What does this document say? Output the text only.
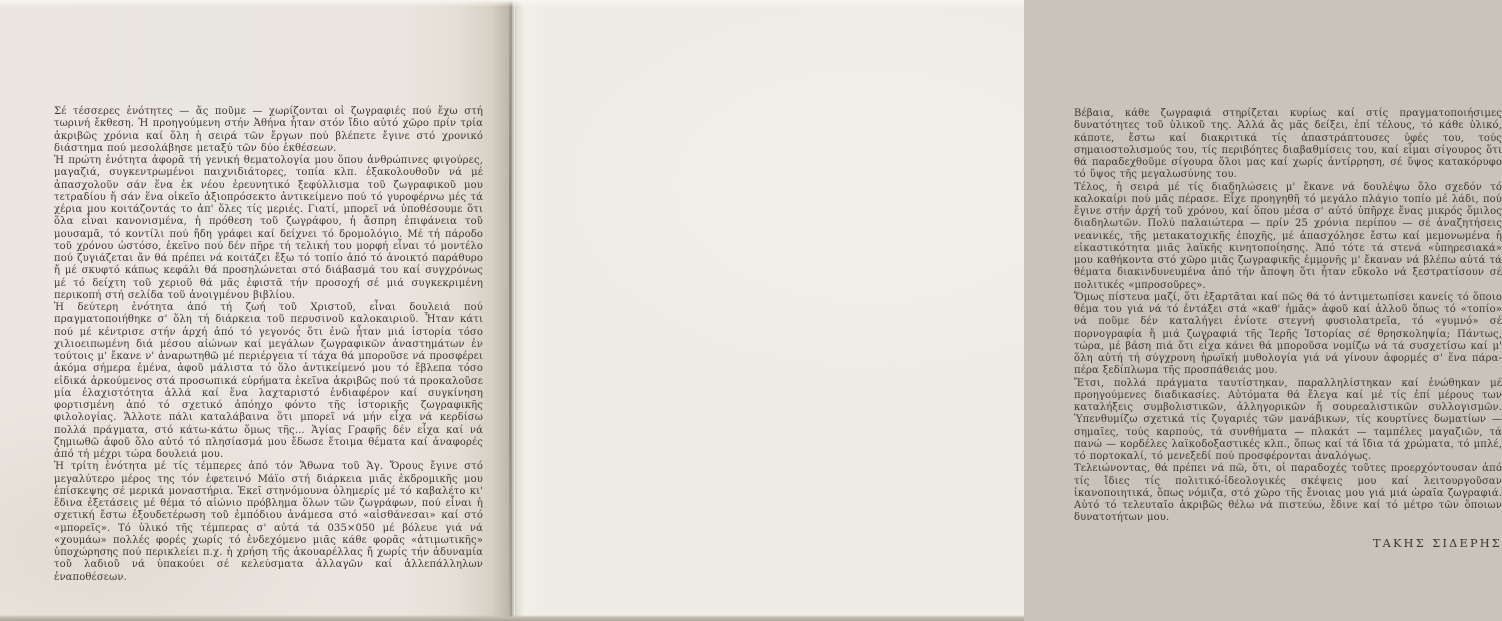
Σέ τέσσερες ἑνότητες — ἄς ποῦμε — χωρίζονται οἱ ζωγραφιές πού ἔχω στή τωρινή ἔκθεση. Ἡ προηγούμενη στήν Ἀθήνα ἦταν στόν ἴδιο αὐτό χῶρο πρίν τρία ἀκριβῶς χρόνια καί ὅλη ἡ σειρά τῶν ἔργων πού βλέπετε ἔγινε στό χρονικό διάστημα πού μεσολάβησε μεταξύ τῶν δύο ἐκθέσεων.

Ἡ πρώτη ἑνότητα ἀφορᾶ τή γενική θεματολογία μου ὅπου ἀνθρώπινες φιγούρες, μαγαζιά, συγκεντρωμένοι παιχνιδιάτορες, τοπία κλπ. ἐξακολουθοῦν νά μέ ἀπασχολοῦν σάν ἕνα ἐκ νέου ἐρευνητικό ξεφύλλισμα τοῦ ζωγραφικοῦ μου τετραδίου ἤ σάν ἕνα οἰκεῖο ἀξιοπρόσεκτο ἀντικείμενο πού τό γυροφέρνω μές τά χέρια μου κοιτάζοντάς το ἀπ' ὅλες τίς μεριές. Γιατί, μπορεῖ νά ὑποθέσουμε ὅτι ὅλα εἶναι κανονισμένα, ἡ πρόθεση τοῦ ζωγράφου, ἡ ἄσπρη ἐπιφάνεια τοῦ μουσαμᾶ, τό κοντίλι πού ἤδη γράφει καί δείχνει τό δρομολόγιο. Μέ τή πάροδο τοῦ χρόνου ὡστόσο, ἐκεῖνο πού δέν πῆρε τή τελική του μορφή εἶναι τό μοντέλο πού ζυγιάζεται ἄν θά πρέπει νά κοιτάζει ἔξω τό τοπίο ἀπό τό ἀνοικτό παράθυρο ἤ μέ σκυφτό κάπως κεφάλι θά προσηλώνεται στό διάβασμά του καί συγχρόνως μέ τό δείχτη τοῦ χεριοῦ θά μᾶς ἐφιστᾶ τήν προσοχή σέ μιά συγκεκριμένη περικοπή στή σελίδα τοῦ ἀνοιγμένου βιβλίου.

Ἡ δεύτερη ἑνότητα ἀπό τή ζωή τοῦ Χριστοῦ, εἶναι δουλειά πού πραγματοποιήθηκε σ' ὅλη τή διάρκεια τοῦ περυσινοῦ καλοκαιριοῦ. Ἦταν κάτι πού μέ κέντρισε στήν ἀρχή ἀπό τό γεγονός ὅτι ἐνῶ ἦταν μιά ἱστορία τόσο χιλιοειπωμένη διά μέσου αἰώνων καί μεγάλων ζωγραφικῶν ἀναστημάτων ἐν τούτοις μ' ἔκανε ν' ἀναρωτηθῶ μέ περιέργεια τί τάχα θά μποροῦσε νά προσφέρει ἀκόμα σήμερα ἐμένα, ἀφοῦ μάλιστα τό ὅλο ἀντικείμενό μου τό ἔβλεπα τόσο εἰδικά ἀρκούμενος στά προσωπικά εὑρήματα ἐκεῖνα ἀκριβῶς πού τά προκαλοῦσε μία ἐλαχιστότητα ἀλλά καί ἕνα λαχταριστό ἐνδιαφέρον καί συγκίνηση φορτισμένη ἀπό τό σχετικό ἀπόηχο φόντο τῆς ἱστορικῆς ζωγραφικῆς φιλολογίας. Ἄλλοτε πάλι καταλάβαινα ὅτι μπορεῖ νά μήν εἶχα νά κερδίσω πολλά πράγματα, στό κάτω-κάτω ὅμως τῆς... Ἁγίας Γραφῆς δέν εἶχα καί νά ζημιωθῶ ἀφοῦ ὅλο αὐτό τό πλησίασμά μου ἔδωσε ἕτοιμα θέματα καί ἀναφορές ἀπό τή μέχρι τώρα δουλειά μου.

Ἡ τρίτη ἑνότητα μέ τίς τέμπερες ἀπό τόν Ἄθωνα τοῦ Ἁγ. Ὄρους ἔγινε στό μεγαλύτερο μέρος της τόν ἐφετεινό Μάϊο στή διάρκεια μιᾶς ἐκδρομικῆς μου ἐπίσκεψης σέ μερικά μοναστήρια. Ἐκεῖ στηνόμουνα ὁλημερίς μέ τό καβαλέτο κι' ἔδινα ἐξετάσεις μέ θέμα τό αἰώνιο πρόβλημα ὅλων τῶν ζωγράφων, πού εἶναι ἡ σχετική ἔστω ἐξουδετέρωση τοῦ ἐμπόδιου ἀνάμεσα στό «αἰσθάνεσαι» καί στό «μπορεῖς». Τό ὑλικό τῆς τέμπερας σ' αὐτά τά 035×050 μέ βόλευε γιά νά «χουμάω» πολλές φορές χωρίς τό ἐνδεχόμενο μιᾶς κάθε φορᾶς «ἀτιμωτικῆς» ὑποχώρησης πού περικλείει π.χ. ἡ χρήση τῆς ἀκουαρέλλας ἤ χωρίς τήν ἀδυναμία τοῦ λαδιοῦ νά ὑπακούει σέ κελεύσματα ἀλλαγῶν καί ἀλλεπάλληλων ἐναποθέσεων.

Βέβαια, κάθε ζωγραφιά στηρίζεται κυρίως καί στίς πραγματοποιήσιμες δυνατότητες τοῦ ὑλικοῦ της. Ἀλλά ἄς μᾶς δείξει, ἐπί τέλους, τό κάθε ὑλικό, κάποτε, ἔστω καί διακριτικά τίς ἀπαστράπτουσες ὑφές του, τούς σημαιοστολισμούς του, τίς περιβόητες διαβαθμίσεις του, καί εἶμαι σίγουρος ὅτι θά παραδεχθοῦμε σίγουρα ὅλοι μας καί χωρίς ἀντίρρηση, σέ ὕψος κατακόρυφο τό ὕψος τῆς μεγαλωσύνης του.

Τέλος, ἡ σειρά μέ τίς διαδηλώσεις μ' ἔκανε νά δουλέψω ὅλο σχεδόν τό καλοκαίρι πού μᾶς πέρασε. Εἶχε προηγηθῆ τό μεγάλο πλάγιο τοπίο μέ λάδι, πού ἔγινε στήν ἀρχή τοῦ χρόνου, καί ὅπου μέσα σ' αὐτό ὑπῆρχε ἕνας μικρός ὅμιλος διαδηλωτῶν. Πολύ παλαιώτερα — πρίν 25 χρόνια περίπου — σέ ἀναζητήσεις νεανικές, τῆς μετακατοχικῆς ἐποχῆς, μέ ἀπασχόλησε ἔστω καί μεμονωμένα ἡ εἰκαστικότητα μιᾶς λαϊκῆς κινητοποίησης. Ἀπό τότε τά στενά «ὑπηρεσιακά» μου καθήκοντα στό χῶρο μιᾶς ζωγραφικῆς ἐμμονῆς μ' ἔκαναν νά βλέπω αὐτά τά θέματα διακινδυνευμένα ἀπό τήν ἄποψη ὅτι ἦταν εὔκολο νά ξεστρατίσουν σέ πολιτικές «μπροσοῦρες».

Ὅμως πίστευα μαζί, ὅτι ἐξαρτᾶται καί πῶς θά τό ἀντιμετωπίσει κανείς τό ὅποιο θέμα του γιά νά τό ἐντάξει στά «καθ' ἡμᾶς» ἀφοῦ καί ἀλλοῦ ὅπως τό «τοπίο» νά ποῦμε δέν καταλήγει ἐνίοτε στεγνή φυσιολατρεῖα, τό «γυμνό» σέ πορνογραφία ἤ μιά ζωγραφιά τῆς Ἱερῆς Ἱστορίας σέ θρησκοληψία; Πάντως, τώρα, μέ βάση πιά ὅτι εἶχα κάνει θά μποροῦσα νομίζω νά τά συσχετίσω καί μ' ὅλη αὐτή τή σύγχρονη ἡρωϊκή μυθολογία γιά νά γίνουν ἀφορμές σ' ἕνα πάρα-πέρα ξεδίπλωμα τῆς προσπάθειάς μου.

Ἔτσι, πολλά πράγματα ταυτίστηκαν, παραλληλίστηκαν καί ἑνώθηκαν μέ προηγούμενες διαδικασίες. Αὐτόματα θά ἔλεγα καί μέ τίς ἐπί μέρους των καταλήξεις συμβολιστικῶν, ἀλληγορικῶν ἤ σουρεαλιστικῶν συλλογισμῶν. Ὑπενθυμίζω σχετικά τίς ζυγαριές τῶν μανάβικων, τίς κουρτίνες δωματίων — σημαῖες, τούς καρπούς, τά συνθήματα — πλακάτ — ταμπέλες μαγαζιῶν, τά πανώ — κορδέλες λαϊκοδοξαστικές κλπ., ὅπως καί τά ἴδια τά χρώματα, τό μπλέ, τό πορτοκαλί, τό μενεξεδί πού προσφέρονται ἀναλόγως.

Τελειώνοντας, θά πρέπει νά πῶ, ὅτι, οἱ παραδοχές τοῦτες προερχόντουσαν ἀπό τίς ἴδιες τίς πολιτικό-ἰδεολογικές σκέψεις μου καί λειτουργοῦσαν ἱκανοποιητικά, ὅπως νόμιζα, στό χῶρο τῆς ἔνοιας μου γιά μιά ὡραῖα ζωγραφιά. Αὐτό τό τελευταῖο ἀκριβῶς θέλω νά πιστεύω, ἔδινε καί τό μέτρο τῶν ὅποιων δυνατοτήτων μου.

ΤΑΚΗΣ ΣΙΔΕΡΗΣ
